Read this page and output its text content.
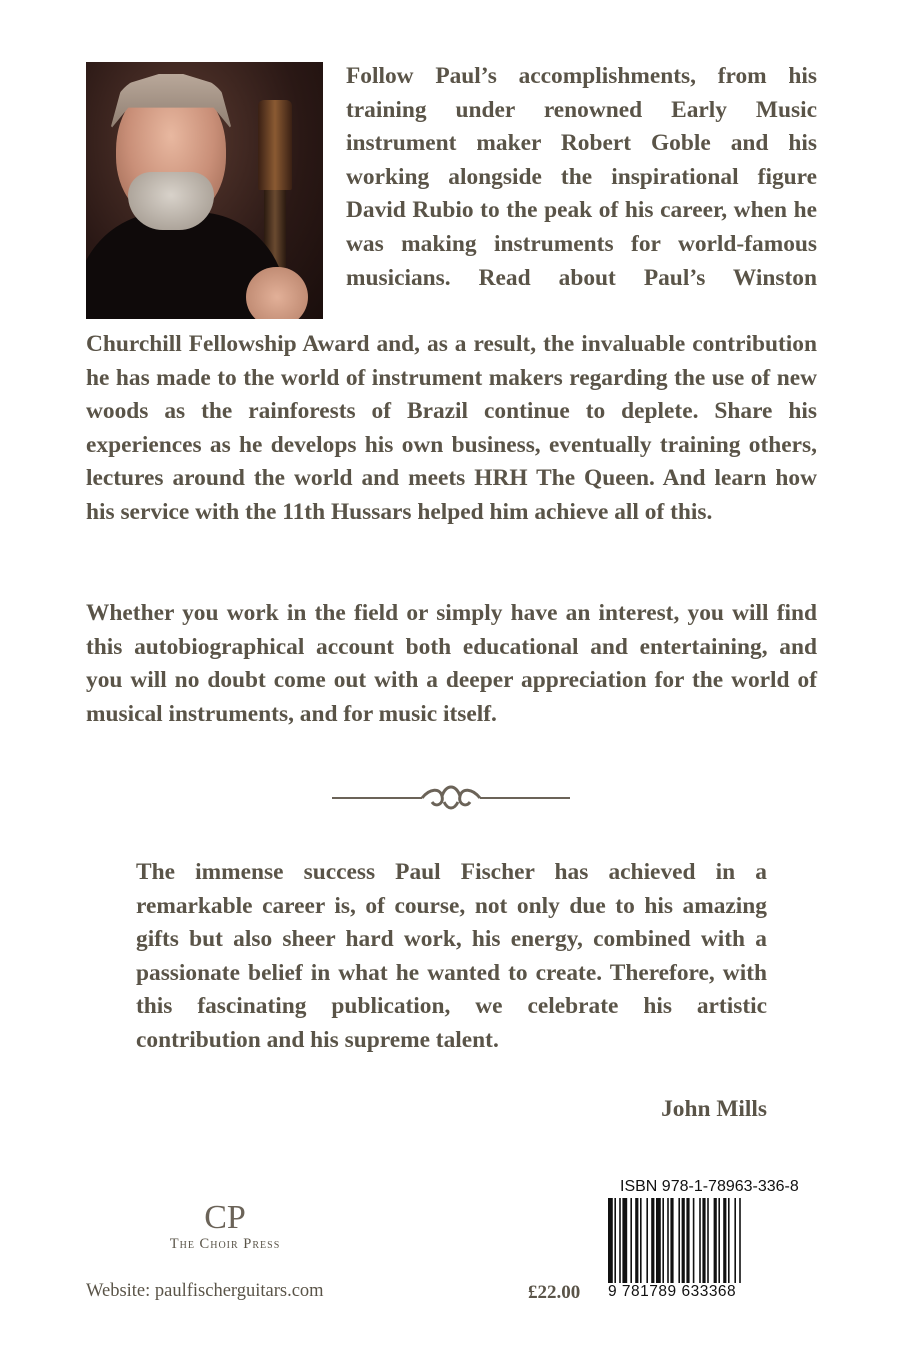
Follow Paul’s accomplishments, from his training under renowned Early Music instrument maker Robert Goble and his working alongside the inspirational figure David Rubio to the peak of his career, when he was making instruments for world-famous musicians. Read about Paul’s Winston
Churchill Fellowship Award and, as a result, the invaluable contribution he has made to the world of instrument makers regarding the use of new woods as the rainforests of Brazil continue to deplete. Share his experiences as he develops his own business, eventually training others, lectures around the world and meets HRH The Queen. And learn how his service with the 11th Hussars helped him achieve all of this.
Whether you work in the field or simply have an interest, you will find this autobiographical account both educational and entertaining, and you will no doubt come out with a deeper appreciation for the world of musical instruments, and for music itself.
The immense success Paul Fischer has achieved in a remarkable career is, of course, not only due to his amazing gifts but also sheer hard work, his energy, combined with a passionate belief in what he wanted to create. Therefore, with this fascinating publication, we celebrate his artistic contribution and his supreme talent.
John Mills
CP
The Choir Press
Website: paulfischerguitars.com	£22.00
ISBN 978-1-78963-336-8
9 781789 633368
